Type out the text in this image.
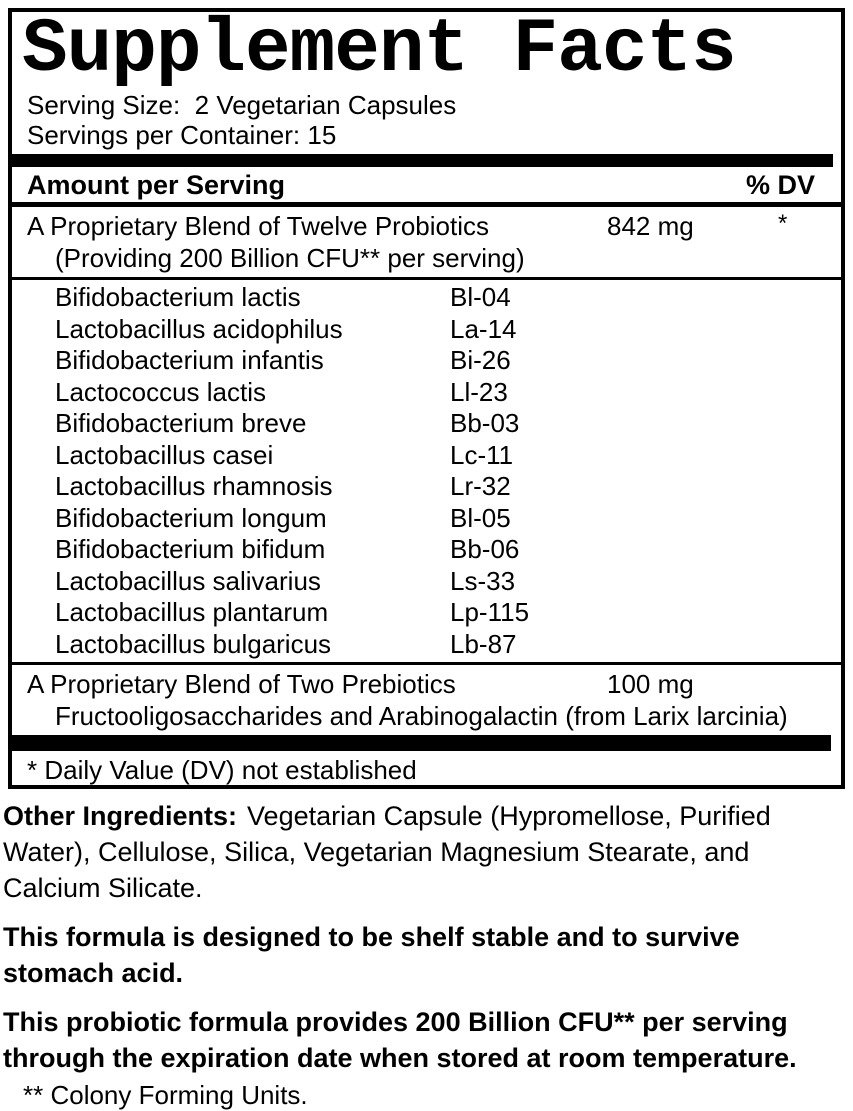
Supplement Facts
Serving Size:  2 Vegetarian Capsules
Servings per Container: 15
Amount per Serving	% DV
A Proprietary Blend of Twelve Probiotics	842 mg	*
(Providing 200 Billion CFU** per serving)
Bifidobacterium lactis	Bl-04
Lactobacillus acidophilus	La-14
Bifidobacterium infantis	Bi-26
Lactococcus lactis	Ll-23
Bifidobacterium breve	Bb-03
Lactobacillus casei	Lc-11
Lactobacillus rhamnosis	Lr-32
Bifidobacterium longum	Bl-05
Bifidobacterium bifidum	Bb-06
Lactobacillus salivarius	Ls-33
Lactobacillus plantarum	Lp-115
Lactobacillus bulgaricus	Lb-87
A Proprietary Blend of Two Prebiotics	100 mg
Fructooligosaccharides and Arabinogalactin (from Larix larcinia)
* Daily Value (DV) not established
Other Ingredients: Vegetarian Capsule (Hypromellose, Purified Water), Cellulose, Silica, Vegetarian Magnesium Stearate, and Calcium Silicate.
This formula is designed to be shelf stable and to survive stomach acid.
This probiotic formula provides 200 Billion CFU** per serving through the expiration date when stored at room temperature.
** Colony Forming Units.
